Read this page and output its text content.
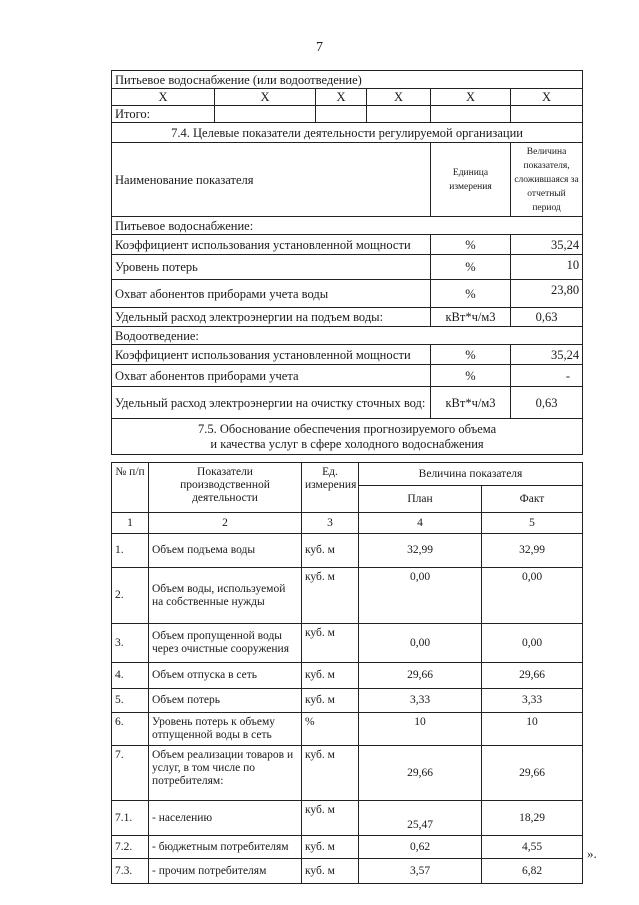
7
Питьевое водоснабжение (или водоотведение)					
X	X	X	X	X	X
Итого:					
7.4. Целевые показатели деятельности регулируемой организации					
Наименование показателя				Единица измерения	Величина показателя, сложившаяся за отчетный период
Питьевое водоснабжение:					
Коэффициент использования установленной мощности				%	35,24
Уровень потерь				%	10
Охват абонентов приборами учета воды				%	23,80
Удельный расход электроэнергии на подъем воды:				кВт*ч/м3	0,63
Водоотведение:					
Коэффициент использования установленной мощности				%	35,24
Охват абонентов приборами учета				%	-
Удельный расход электроэнергии на очистку сточных вод:				кВт*ч/м3	0,63
7.5. Обоснование обеспечения прогнозируемого объема
и качества услуг в сфере холодного водоснабжения					
№ п/п	Показатели производственной деятельности	Ед. измерения	Величина показателя	
			План	Факт
1	2	3	4	5
1.	Объем подъема воды	куб. м	32,99	32,99
2.	Объем воды, используемой на собственные нужды	куб. м	0,00	0,00
3.	Объем пропущенной воды через очистные сооружения	куб. м	0,00	0,00
4.	Объем отпуска в сеть	куб. м	29,66	29,66
5.	Объем потерь	куб. м	3,33	3,33
6.	Уровень потерь к объему отпущенной воды в сеть	%	10	10
7.	Объем реализации товаров и услуг, в том числе по потребителям:	куб. м	29,66	29,66
7.1.	- населению	куб. м	25,47	18,29
7.2.	- бюджетным потребителям	куб. м	0,62	4,55
7.3.	- прочим потребителям	куб. м	3,57	6,82
».
